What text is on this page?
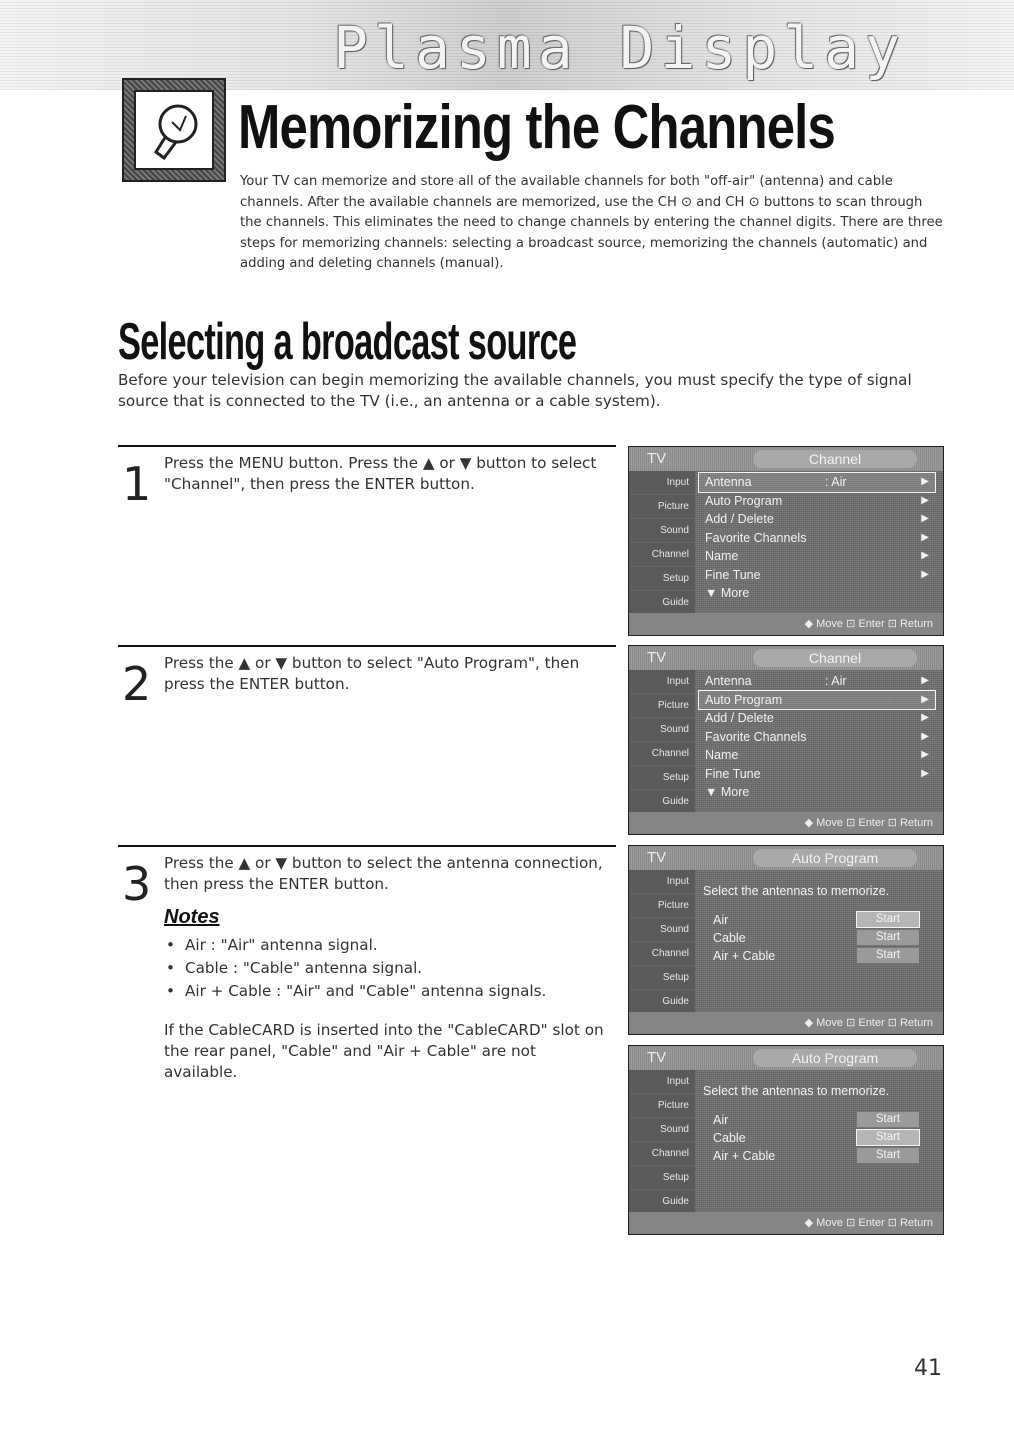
Plasma Display
Memorizing the Channels

Your TV can memorize and store all of the available channels for both "off-air" (antenna) and cable channels. After the available channels are memorized, use the CH ⊙ and CH ⊙ buttons to scan through the channels. This eliminates the need to change channels by entering the channel digits. There are three steps for memorizing channels: selecting a broadcast source, memorizing the channels (automatic) and adding and deleting channels (manual).

Selecting a broadcast source

Before your television can begin memorizing the available channels, you must specify the type of signal source that is connected to the TV (i.e., an antenna or a cable system).

1 Press the MENU button. Press the ▲ or ▼ button to select "Channel", then press the ENTER button.

2 Press the ▲ or ▼ button to select "Auto Program", then press the ENTER button.

3 Press the ▲ or ▼ button to select the antenna connection, then press the ENTER button.

Notes
• Air : "Air" antenna signal.
• Cable : "Cable" antenna signal.
• Air + Cable : "Air" and "Cable" antenna signals.

If the CableCARD is inserted into the "CableCARD" slot on the rear panel, "Cable" and "Air + Cable" are not available.

TV	Channel
Input
Picture
Sound
Channel
Setup
Guide
Antenna	: Air	▶
Auto Program	▶
Add / Delete	▶
Favorite Channels	▶
Name	▶
Fine Tune	▶
▼ More
◆ Move ⊡ Enter ⊡ Return
TV	Channel
Input
Picture
Sound
Channel
Setup
Guide
Antenna	: Air	▶
Auto Program	▶
Add / Delete	▶
Favorite Channels	▶
Name	▶
Fine Tune	▶
▼ More
◆ Move ⊡ Enter ⊡ Return
TV	Auto Program
Input
Picture
Sound
Channel
Setup
Guide
Select the antennas to memorize.
Air	Start
Cable	Start
Air + Cable	Start
◆ Move ⊡ Enter ⊡ Return
TV	Auto Program
Input
Picture
Sound
Channel
Setup
Guide
Select the antennas to memorize.
Air	Start
Cable	Start
Air + Cable	Start
◆ Move ⊡ Enter ⊡ Return
41
